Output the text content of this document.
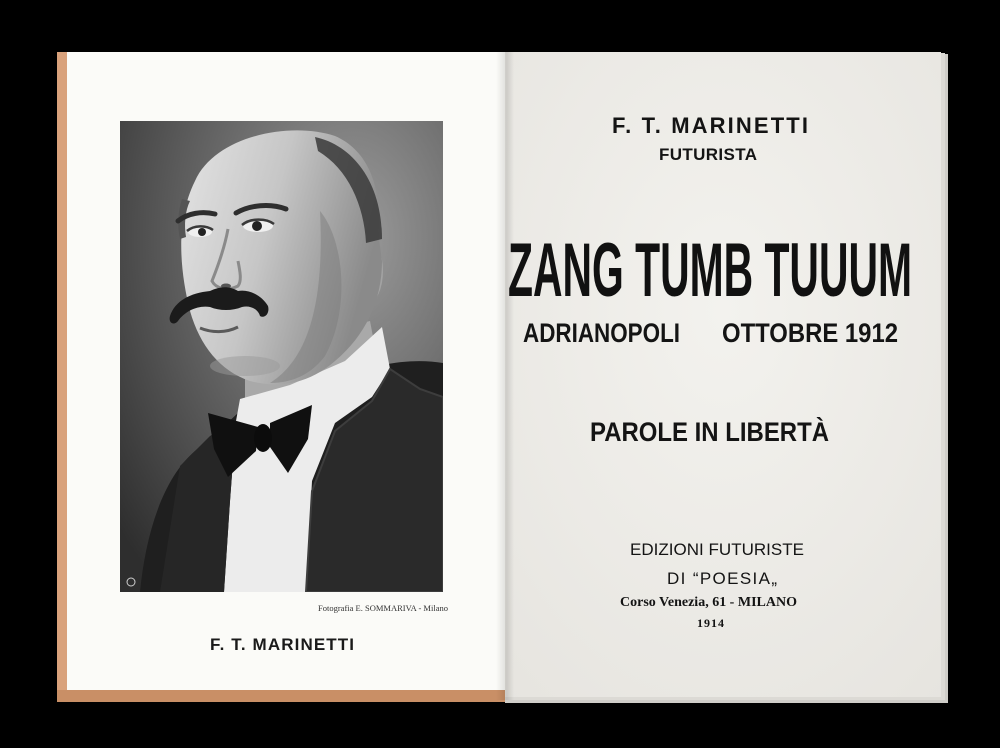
Fotografia E. SOMMARIVA - Milano
F. T. MARINETTI
F. T. MARINETTI
FUTURISTA
ZANG TUMB TUUUM
ADRIANOPOLI OTTOBRE 1912
PAROLE IN LIBERTÀ
EDIZIONI FUTURISTE
DI “POESIA„
Corso Venezia, 61 - MILANO
1914
